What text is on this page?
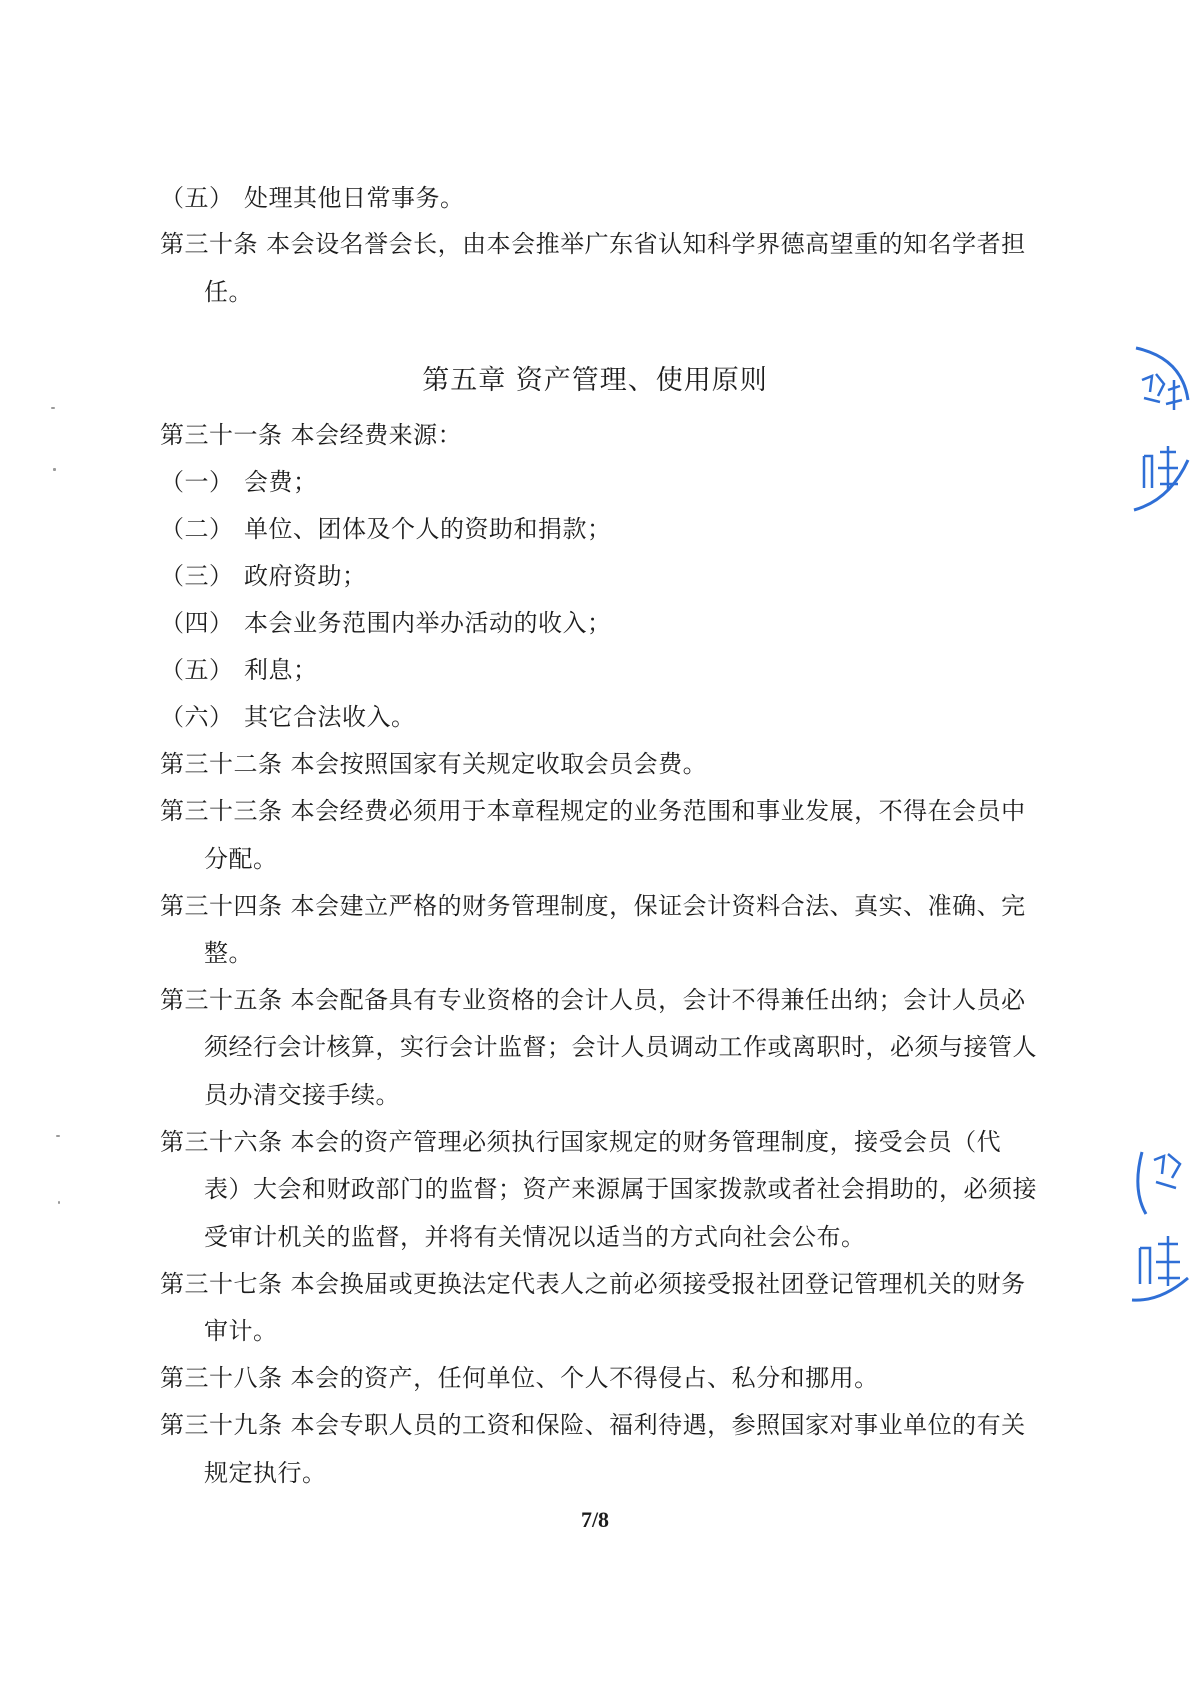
（五） 处理其他日常事务。
第三十条 本会设名誉会长，由本会推举广东省认知科学界德高望重的知名学者担
任。
第五章 资产管理、使用原则
第三十一条 本会经费来源：
（一） 会费；
（二） 单位、团体及个人的资助和捐款；
（三） 政府资助；
（四） 本会业务范围内举办活动的收入；
（五） 利息；
（六） 其它合法收入。
第三十二条 本会按照国家有关规定收取会员会费。
第三十三条 本会经费必须用于本章程规定的业务范围和事业发展，不得在会员中
分配。
第三十四条 本会建立严格的财务管理制度，保证会计资料合法、真实、准确、完
整。
第三十五条 本会配备具有专业资格的会计人员，会计不得兼任出纳；会计人员必
须经行会计核算，实行会计监督；会计人员调动工作或离职时，必须与接管人
员办清交接手续。
第三十六条 本会的资产管理必须执行国家规定的财务管理制度，接受会员（代
表）大会和财政部门的监督；资产来源属于国家拨款或者社会捐助的，必须接
受审计机关的监督，并将有关情况以适当的方式向社会公布。
第三十七条 本会换届或更换法定代表人之前必须接受报社团登记管理机关的财务
审计。
第三十八条 本会的资产，任何单位、个人不得侵占、私分和挪用。
第三十九条 本会专职人员的工资和保险、福利待遇，参照国家对事业单位的有关
规定执行。
7/8
